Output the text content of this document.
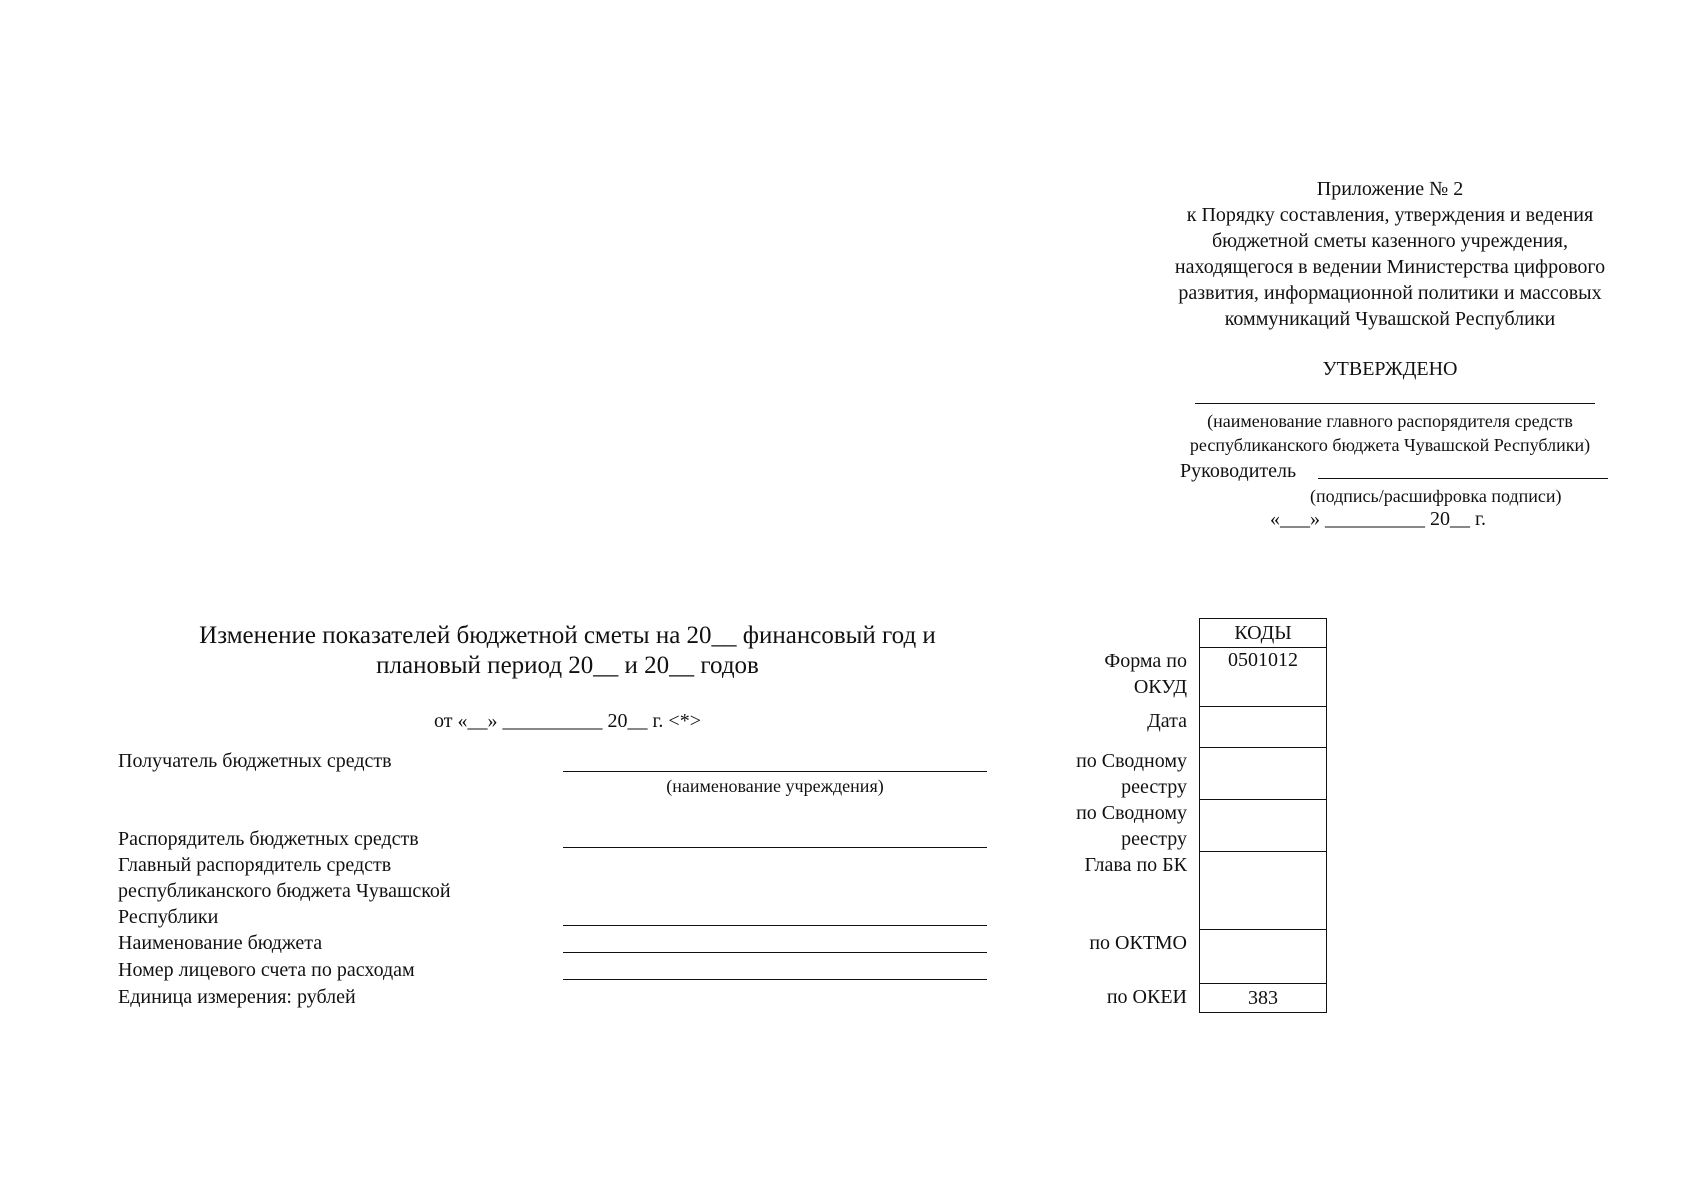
Приложение № 2
к Порядку составления, утверждения и ведения
бюджетной сметы казенного учреждения,
находящегося в ведении Министерства цифрового
развития, информационной политики и массовых
коммуникаций Чувашской Республики
УТВЕРЖДЕНО
(наименование главного распорядителя средств
республиканского бюджета Чувашской Республики)
Руководитель
(подпись/расшифровка подписи)
«___» __________ 20__ г.
Изменение показателей бюджетной сметы на 20__ финансовый год и
плановый период 20__ и 20__ годов
от «__» __________ 20__ г. <*>
Получатель бюджетных средств
(наименование учреждения)
Распорядитель бюджетных средств
Главный распорядитель средств
республиканского бюджета Чувашской
Республики
Наименование бюджета
Номер лицевого счета по расходам
Единица измерения: рублей
Форма по
ОКУД
Дата
по Сводному
реестру
по Сводному
реестру
Глава по БК
по ОКТМО
по ОКЕИ
КОДЫ
0501012
383
